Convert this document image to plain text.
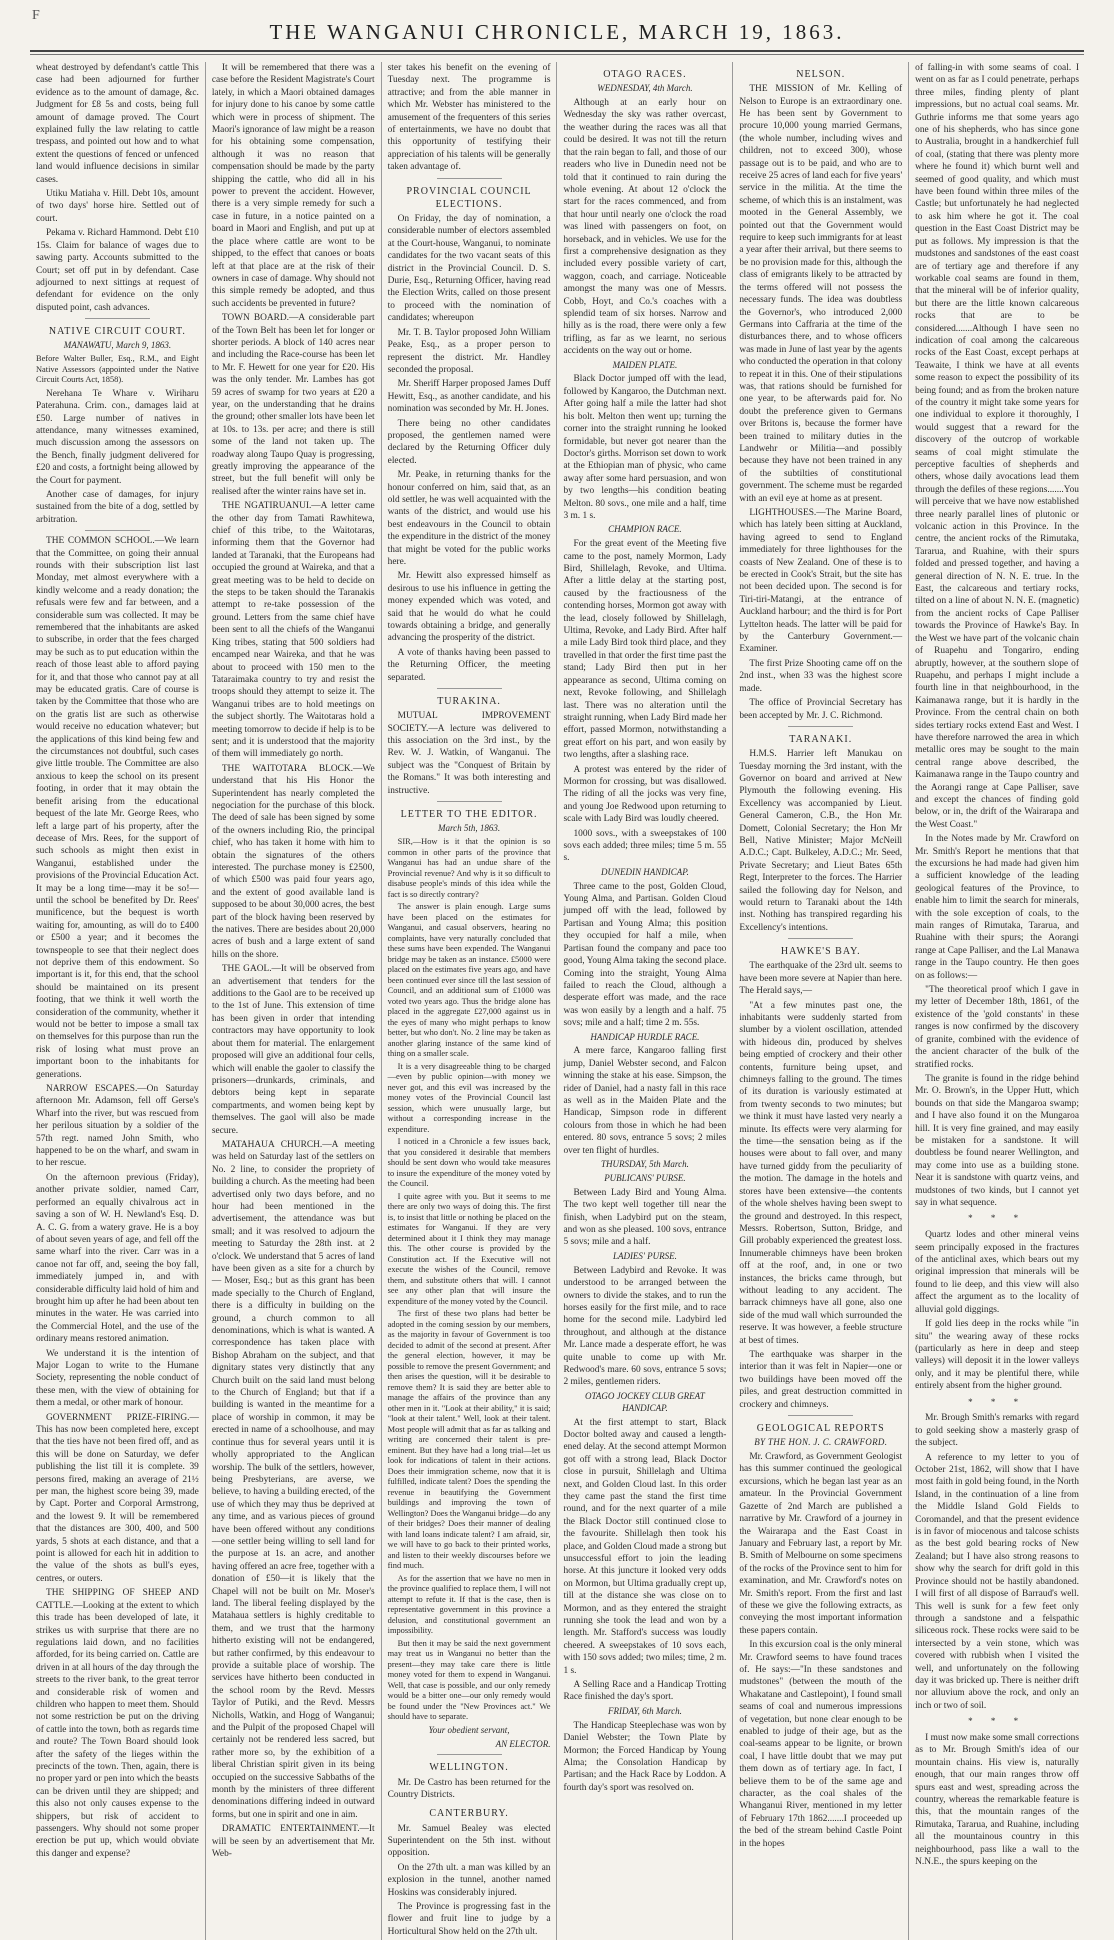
F
THE WANGANUI CHRONICLE, MARCH 19, 1863.

wheat destroyed by defendant's cattle This case had been adjourned for further evidence as to the amount of damage, &c. Judgment for £8 5s and costs, being full amount of damage proved. The Court explained fully the law relating to cattle trespass, and pointed out how and to what extent the questions of fenced or unfenced land would influence decisions in similar cases.

Utiku Matiaha v. Hill. Debt 10s, amount of two days' horse hire. Settled out of court.

Pekama v. Richard Hammond. Debt £10 15s. Claim for balance of wages due to sawing party. Accounts submitted to the Court; set off put in by defendant. Case adjourned to next sittings at request of defendant for evidence on the only disputed point, cash advances.

NATIVE CIRCUIT COURT.
MANAWATU, March 9, 1863.

Before Walter Buller, Esq., R.M., and Eight Native Assessors (appointed under the Native Circuit Courts Act, 1858).

Nerehana Te Whare v. Wiriharu Paterahuna. Crim. con., damages laid at £50. Large number of natives in attendance, many witnesses examined, much discussion among the assessors on the Bench, finally judgment delivered for £20 and costs, a fortnight being allowed by the Court for payment.

Another case of damages, for injury sustained from the bite of a dog, settled by arbitration.

THE COMMON SCHOOL.—We learn that the Committee, on going their annual rounds with their subscription list last Monday, met almost everywhere with a kindly welcome and a ready donation; the refusals were few and far between, and a considerable sum was collected. It may be remembered that the inhabitants are asked to subscribe, in order that the fees charged may be such as to put education within the reach of those least able to afford paying for it, and that those who cannot pay at all may be educated gratis. Care of course is taken by the Committee that those who are on the gratis list are such as otherwise would receive no education whatever; but the applications of this kind being few and the circumstances not doubtful, such cases give little trouble. The Committee are also anxious to keep the school on its present footing, in order that it may obtain the benefit arising from the educational bequest of the late Mr. George Rees, who left a large part of his property, after the decease of Mrs. Rees, for the support of such schools as might then exist in Wanganui, established under the provisions of the Provincial Education Act. It may be a long time—may it be so!—until the school be benefited by Dr. Rees' munificence, but the bequest is worth waiting for, amounting, as will do to £400 or £500 a year; and it becomes the townspeople to see that their neglect does not deprive them of this endowment. So important is it, for this end, that the school should be maintained on its present footing, that we think it well worth the consideration of the community, whether it would not be better to impose a small tax on themselves for this purpose than run the risk of losing what must prove an important boon to the inhabitants for generations.

NARROW ESCAPES.—On Saturday afternoon Mr. Adamson, fell off Gerse's Wharf into the river, but was rescued from her perilous situation by a soldier of the 57th regt. named John Smith, who happened to be on the wharf, and swam in to her rescue.

On the afternoon previous (Friday), another private soldier, named Carr, performed an equally chivalrous act in saving a son of W. H. Newland's Esq. D. A. C. G. from a watery grave. He is a boy of about seven years of age, and fell off the same wharf into the river. Carr was in a canoe not far off, and, seeing the boy fall, immediately jumped in, and with considerable difficulty laid hold of him and brought him up after he had been about ten minutes in the water. He was carried into the Commercial Hotel, and the use of the ordinary means restored animation.

We understand it is the intention of Major Logan to write to the Humane Society, representing the noble conduct of these men, with the view of obtaining for them a medal, or other mark of honour.

GOVERNMENT PRIZE-FIRING.—This has now been completed here, except that the ties have not been fired off, and as this will be done on Saturday, we defer publishing the list till it is complete. 39 persons fired, making an average of 21½ per man, the highest score being 39, made by Capt. Porter and Corporal Armstrong, and the lowest 9. It will be remembered that the distances are 300, 400, and 500 yards, 5 shots at each distance, and that a point is allowed for each hit in addition to the value of the shots as bull's eyes, centres, or outers.

THE SHIPPING OF SHEEP AND CATTLE.—Looking at the extent to which this trade has been developed of late, it strikes us with surprise that there are no regulations laid down, and no facilities afforded, for its being carried on. Cattle are driven in at all hours of the day through the streets to the river bank, to the great terror and considerable risk of women and children who happen to meet them. Should not some restriction be put on the driving of cattle into the town, both as regards time and route? The Town Board should look after the safety of the lieges within the precincts of the town. Then, again, there is no proper yard or pen into which the beasts can be driven until they are shipped; and this also not only causes expense to the shippers, but risk of accident to passengers. Why should not some proper erection be put up, which would obviate this danger and expense?

It will be remembered that there was a case before the Resident Magistrate's Court lately, in which a Maori obtained damages for injury done to his canoe by some cattle which were in process of shipment. The Maori's ignorance of law might be a reason for his obtaining some compensation, although it was no reason that compensation should be made by the party shipping the cattle, who did all in his power to prevent the accident. However, there is a very simple remedy for such a case in future, in a notice painted on a board in Maori and English, and put up at the place where cattle are wont to be shipped, to the effect that canoes or boats left at that place are at the risk of their owners in case of damage. Why should not this simple remedy be adopted, and thus such accidents be prevented in future?

TOWN BOARD.—A considerable part of the Town Belt has been let for longer or shorter periods. A block of 140 acres near and including the Race-course has been let to Mr. F. Hewett for one year for £20. His was the only tender. Mr. Lambes has got 59 acres of swamp for two years at £20 a year, on the understanding that he drains the ground; other smaller lots have been let at 10s. to 13s. per acre; and there is still some of the land not taken up. The roadway along Taupo Quay is progressing, greatly improving the appearance of the street, but the full benefit will only be realised after the winter rains have set in.

THE NGATIRUANUI.—A letter came the other day from Tamati Rawhitewa, chief of this tribe, to the Waitotaras, informing them that the Governor had landed at Taranaki, that the Europeans had occupied the ground at Waireka, and that a great meeting was to be held to decide on the steps to be taken should the Taranakis attempt to re-take possession of the ground. Letters from the same chief have been sent to all the chiefs of the Wanganui King tribes, stating that 500 soldiers had encamped near Waireka, and that he was about to proceed with 150 men to the Tataraimaka country to try and resist the troops should they attempt to seize it. The Wanganui tribes are to hold meetings on the subject shortly. The Waitotaras hold a meeting tomorrow to decide if help is to be sent; and it is understood that the majority of them will immediately go north.

THE WAITOTARA BLOCK.—We understand that his His Honor the Superintendent has nearly completed the negociation for the purchase of this block. The deed of sale has been signed by some of the owners including Rio, the principal chief, who has taken it home with him to obtain the signatures of the others interested. The purchase money is £2500, of which £500 was paid four years ago, and the extent of good available land is supposed to be about 30,000 acres, the best part of the block having been reserved by the natives. There are besides about 20,000 acres of bush and a large extent of sand hills on the shore.

THE GAOL.—It will be observed from an advertisement that tenders for the additions to the Gaol are to be received up to the 1st of June. This extension of time has been given in order that intending contractors may have opportunity to look about them for material. The enlargement proposed will give an additional four cells, which will enable the gaoler to classify the prisoners—drunkards, criminals, and debtors being kept in separate compartments, and women being kept by themselves. The gaol will also be made secure.

MATAHAUA CHURCH.—A meeting was held on Saturday last of the settlers on No. 2 line, to consider the propriety of building a church. As the meeting had been advertised only two days before, and no hour had been mentioned in the advertisement, the attendance was but small; and it was resolved to adjourn the meeting to Saturday the 28th inst. at 2 o'clock. We understand that 5 acres of land have been given as a site for a church by — Moser, Esq.; but as this grant has been made specially to the Church of England, there is a difficulty in building on the ground, a church common to all denominations, which is what is wanted. A correspondence has taken place with Bishop Abraham on the subject, and that dignitary states very distinctly that any Church built on the said land must belong to the Church of England; but that if a building is wanted in the meantime for a place of worship in common, it may be erected in name of a schoolhouse, and may continue thus for several years until it is wholly appropriated to the Anglican worship. The bulk of the settlers, however, being Presbyterians, are averse, we believe, to having a building erected, of the use of which they may thus be deprived at any time, and as various pieces of ground have been offered without any conditions—one settler being willing to sell land for the purpose at 1s. an acre, and another having offered an acre free, together with a donation of £50—it is likely that the Chapel will not be built on Mr. Moser's land. The liberal feeling displayed by the Matahaua settlers is highly creditable to them, and we trust that the harmony hitherto existing will not be endangered, but rather confirmed, by this endeavour to provide a suitable place of worship. The services have hitherto been conducted in the school room by the Revd. Messrs Taylor of Putiki, and the Revd. Messrs Nicholls, Watkin, and Hogg of Wanganui; and the Pulpit of the proposed Chapel will certainly not be rendered less sacred, but rather more so, by the exhibition of a liberal Christian spirit given in its being occupied on the successive Sabbaths of the month by the ministers of three different denominations differing indeed in outward forms, but one in spirit and one in aim.

DRAMATIC ENTERTAINMENT.—It will be seen by an advertisement that Mr. Web-

ster takes his benefit on the evening of Tuesday next. The programme is attractive; and from the able manner in which Mr. Webster has ministered to the amusement of the frequenters of this series of entertainments, we have no doubt that this opportunity of testifying their appreciation of his talents will be generally taken advantage of.

PROVINCIAL COUNCIL ELECTIONS.

On Friday, the day of nomination, a considerable number of electors assembled at the Court-house, Wanganui, to nominate candidates for the two vacant seats of this district in the Provincial Council. D. S. Durie, Esq., Returning Officer, having read the Election Writs, called on those present to proceed with the nomination of candidates; whereupon

Mr. T. B. Taylor proposed John William Peake, Esq., as a proper person to represent the district. Mr. Handley seconded the proposal.

Mr. Sheriff Harper proposed James Duff Hewitt, Esq., as another candidate, and his nomination was seconded by Mr. H. Jones.

There being no other candidates proposed, the gentlemen named were declared by the Returning Officer duly elected.

Mr. Peake, in returning thanks for the honour conferred on him, said that, as an old settler, he was well acquainted with the wants of the district, and would use his best endeavours in the Council to obtain the expenditure in the district of the money that might be voted for the public works here.

Mr. Hewitt also expressed himself as desirous to use his influence in getting the money expended which was voted, and said that he would do what he could towards obtaining a bridge, and generally advancing the prosperity of the district.

A vote of thanks having been passed to the Returning Officer, the meeting separated.

TURAKINA.

MUTUAL IMPROVEMENT SOCIETY.—A lecture was delivered to this association on the 3rd inst., by the Rev. W. J. Watkin, of Wanganui. The subject was the "Conquest of Britain by the Romans." It was both interesting and instructive.

LETTER TO THE EDITOR.
March 5th, 1863.

SIR,—How is it that the opinion is so common in other parts of the province that Wanganui has had an undue share of the Provincial revenue? And why is it so difficult to disabuse people's minds of this idea while the fact is so directly contrary?

The answer is plain enough. Large sums have been placed on the estimates for Wanganui, and casual observers, hearing no complaints, have very naturally concluded that these sums have been expended. The Wanganui bridge may be taken as an instance. £5000 were placed on the estimates five years ago, and have been continued ever since till the last session of Council, and an additional sum of £1000 was voted two years ago. Thus the bridge alone has placed in the aggregate £27,000 against us in the eyes of many who might perhaps to know better, but who don't. No. 2 line may be taken as another glaring instance of the same kind of thing on a smaller scale.

It is a very disagreeable thing to be charged—even by public opinion—with money we never got, and this evil was increased by the money votes of the Provincial Council last session, which were unusually large, but without a corresponding increase in the expenditure.

I noticed in a Chronicle a few issues back, that you considered it desirable that members should be sent down who would take measures to insure the expenditure of the money voted by the Council.

I quite agree with you. But it seems to me there are only two ways of doing this. The first is, to insist that little or nothing be placed on the estimates for Wanganui. If they are very determined about it I think they may manage this. The other course is provided by the Constitution act. If the Executive will not execute the wishes of the Council, remove them, and substitute others that will. I cannot see any other plan that will insure the expenditure of the money voted by the Council.

The first of these two plans had better be adopted in the coming session by our members, as the majority in favour of Government is too decided to admit of the second at present. After the general election, however, it may be possible to remove the present Government; and then arises the question, will it be desirable to remove them? It is said they are better able to manage the affairs of the province than any other men in it. "Look at their ability," it is said; "look at their talent." Well, look at their talent. Most people will admit that as far as talking and writing are concerned their talent is pre-eminent. But they have had a long trial—let us look for indications of talent in their actions. Does their immigration scheme, now that it is fulfilled, indicate talent? Does the spending the revenue in beautifying the Government buildings and improving the town of Wellington? Does the Wanganui bridge—do any of their bridges? Does their manner of dealing with land loans indicate talent? I am afraid, sir, we will have to go back to their printed works, and listen to their weekly discourses before we find much.

As for the assertion that we have no men in the province qualified to replace them, I will not attempt to refute it. If that is the case, then is representative government in this province a delusion, and constitutional government an impossibility.

But then it may be said the next government may treat us in Wanganui no better than the present—they may take care there is little money voted for them to expend in Wanganui. Well, that case is possible, and our only remedy would be a bitter one—our only remedy would be found under the "New Provinces act." We should have to separate.

Your obedient servant,
AN ELECTOR.
WELLINGTON.

Mr. De Castro has been returned for the Country Districts.

CANTERBURY.

Mr. Samuel Bealey was elected Superintendent on the 5th inst. without opposition.

On the 27th ult. a man was killed by an explosion in the tunnel, another named Hoskins was considerably injured.

The Province is progressing fast in the flower and fruit line to judge by a Horticultural Show held on the 27th ult.

OTAGO RACES.
WEDNESDAY, 4th March.

Although at an early hour on Wednesday the sky was rather overcast, the weather during the races was all that could be desired. It was not till the return that the rain began to fall, and those of our readers who live in Dunedin need not be told that it continued to rain during the whole evening. At about 12 o'clock the start for the races commenced, and from that hour until nearly one o'clock the road was lined with passengers on foot, on horseback, and in vehicles. We use for the first a comprehensive designation as they included every possible variety of cart, waggon, coach, and carriage. Noticeable amongst the many was one of Messrs. Cobb, Hoyt, and Co.'s coaches with a splendid team of six horses. Narrow and hilly as is the road, there were only a few trifling, as far as we learnt, no serious accidents on the way out or home.

MAIDEN PLATE.

Black Doctor jumped off with the lead, followed by Kangaroo, the Dutchman next. After going half a mile the latter had shot his bolt. Melton then went up; turning the corner into the straight running he looked formidable, but never got nearer than the Doctor's girths. Morrison set down to work at the Ethiopian man of physic, who came away after some hard persuasion, and won by two lengths—his condition beating Melton. 80 sovs., one mile and a half, time 3 m. 1 s.

CHAMPION RACE.

For the great event of the Meeting five came to the post, namely Mormon, Lady Bird, Shillelagh, Revoke, and Ultima. After a little delay at the starting post, caused by the fractiousness of the contending horses, Mormon got away with the lead, closely followed by Shillelagh, Ultima, Revoke, and Lady Bird. After half a mile Lady Bird took third place, and they travelled in that order the first time past the stand; Lady Bird then put in her appearance as second, Ultima coming on next, Revoke following, and Shillelagh last. There was no alteration until the straight running, when Lady Bird made her effort, passed Mormon, notwithstanding a great effort on his part, and won easily by two lengths, after a slashing race.

A protest was entered by the rider of Mormon for crossing, but was disallowed. The riding of all the jocks was very fine, and young Joe Redwood upon returning to scale with Lady Bird was loudly cheered.

1000 sovs., with a sweepstakes of 100 sovs each added; three miles; time 5 m. 55 s.

DUNEDIN HANDICAP.

Three came to the post, Golden Cloud, Young Alma, and Partisan. Golden Cloud jumped off with the lead, followed by Partisan and Young Alma; this position they occupied for half a mile, when Partisan found the company and pace too good, Young Alma taking the second place. Coming into the straight, Young Alma failed to reach the Cloud, although a desperate effort was made, and the race was won easily by a length and a half. 75 sovs; mile and a half; time 2 m. 55s.

HANDICAP HURDLE RACE.

A mere farce, Kangaroo falling first jump, Daniel Webster second, and Falcon winning the stake at his ease. Simpson, the rider of Daniel, had a nasty fall in this race as well as in the Maiden Plate and the Handicap, Simpson rode in different colours from those in which he had been entered. 80 sovs, entrance 5 sovs; 2 miles over ten flight of hurdles.

THURSDAY, 5th March.
PUBLICANS' PURSE.

Between Lady Bird and Young Alma. The two kept well together till near the finish, when Ladybird put on the steam, and won as she pleased. 100 sovs, entrance 5 sovs; mile and a half.

LADIES' PURSE.

Between Ladybird and Revoke. It was understood to be arranged between the owners to divide the stakes, and to run the horses easily for the first mile, and to race home for the second mile. Ladybird led throughout, and although at the distance Mr. Lance made a desperate effort, he was quite unable to come up with Mr. Redwood's mare. 60 sovs, entrance 5 sovs; 2 miles, gentlemen riders.

OTAGO JOCKEY CLUB GREAT HANDICAP.

At the first attempt to start, Black Doctor bolted away and caused a length- ened delay. At the second attempt Mormon got off with a strong lead, Black Doctor close in pursuit, Shillelagh and Ultima next, and Golden Cloud last. In this order they came past the stand the first time round, and for the next quarter of a mile the Black Doctor still continued close to the favourite. Shillelagh then took his place, and Golden Cloud made a strong but unsuccessful effort to join the leading horse. At this juncture it looked very odds on Mormon, but Ultima gradually crept up, till at the distance she was close on to Mormon, and as they entered the straight running she took the lead and won by a length. Mr. Stafford's success was loudly cheered. A sweepstakes of 10 sovs each, with 150 sovs added; two miles; time, 2 m. 1 s.

A Selling Race and a Handicap Trotting Race finished the day's sport.

FRIDAY, 6th March.

The Handicap Steeplechase was won by Daniel Webster; the Town Plate by Mormon; the Forced Handicap by Young Alma; the Consolation Handicap by Partisan; and the Hack Race by Loddon. A fourth day's sport was resolved on.

NELSON.

THE MISSION of Mr. Kelling of Nelson to Europe is an extraordinary one. He has been sent by Government to procure 10,000 young married Germans, (the whole number, including wives and children, not to exceed 300), whose passage out is to be paid, and who are to receive 25 acres of land each for five years' service in the militia. At the time the scheme, of which this is an instalment, was mooted in the General Assembly, we pointed out that the Government would require to keep such immigrants for at least a year after their arrival, but there seems to be no provision made for this, although the class of emigrants likely to be attracted by the terms offered will not possess the necessary funds. The idea was doubtless the Governor's, who introduced 2,000 Germans into Caffraria at the time of the disturbances there, and to whose officers was made in June of last year by the agents who conducted the operation in that colony to repeat it in this. One of their stipulations was, that rations should be furnished for one year, to be afterwards paid for. No doubt the preference given to Germans over Britons is, because the former have been trained to military duties in the Landwehr or Militia—and possibly because they have not been trained in any of the subtilties of constitutional government. The scheme must be regarded with an evil eye at home as at present.

LIGHTHOUSES.—The Marine Board, which has lately been sitting at Auckland, having agreed to send to England immediately for three lighthouses for the coasts of New Zealand. One of these is to be erected in Cook's Strait, but the site has not been decided upon. The second is for Tiri-tiri-Matangi, at the entrance of Auckland harbour; and the third is for Port Lyttelton heads. The latter will be paid for by the Canterbury Government.—Examiner.

The first Prize Shooting came off on the 2nd inst., when 33 was the highest score made.

The office of Provincial Secretary has been accepted by Mr. J. C. Richmond.

TARANAKI.

H.M.S. Harrier left Manukau on Tuesday morning the 3rd instant, with the Governor on board and arrived at New Plymouth the following evening. His Excellency was accompanied by Lieut. General Cameron, C.B., the Hon Mr. Domett, Colonial Secretary; the Hon Mr Bell, Native Minister; Major McNeill A.D.C.; Capt. Bulkeley, A.D.C.; Mr. Seed, Private Secretary; and Lieut Bates 65th Regt, Interpreter to the forces. The Harrier sailed the following day for Nelson, and would return to Taranaki about the 14th inst. Nothing has transpired regarding his Excellency's intentions.

HAWKE'S BAY.

The earthquake of the 23rd ult. seems to have been more severe at Napier than here. The Herald says,—

"At a few minutes past one, the inhabitants were suddenly started from slumber by a violent oscillation, attended with hideous din, produced by shelves being emptied of crockery and their other contents, furniture being upset, and chimneys falling to the ground. The times of its duration is variously estimated at from twenty seconds to two minutes; but we think it must have lasted very nearly a minute. Its effects were very alarming for the time—the sensation being as if the houses were about to fall over, and many have turned giddy from the peculiarity of the motion. The damage in the hotels and stores have been extensive—the contents of the whole shelves having been swept to the ground and destroyed. In this respect, Messrs. Robertson, Sutton, Bridge, and Gill probably experienced the greatest loss. Innumerable chimneys have been broken off at the roof, and, in one or two instances, the bricks came through, but without leading to any accident. The barrack chimneys have all gone, also one side of the mud wall which surrounded the reserve. It was however, a feeble structure at best of times.

The earthquake was sharper in the interior than it was felt in Napier—one or two buildings have been moved off the piles, and great destruction committed in crockery and chimneys.

GEOLOGICAL REPORTS
BY THE HON. J. C. CRAWFORD.

Mr. Crawford, as Government Geologist has this summer continued the geological excursions, which he began last year as an amateur. In the Provincial Government Gazette of 2nd March are published a narrative by Mr. Crawford of a journey in the Wairarapa and the East Coast in January and February last, a report by Mr. B. Smith of Melbourne on some specimens of the rocks of the Province sent to him for examination, and Mr. Crawford's notes on Mr. Smith's report. From the first and last of these we give the following extracts, as conveying the most important information these papers contain.

In this excursion coal is the only mineral Mr. Crawford seems to have found traces of. He says:—"In these sandstones and mudstones" (between the mouth of the Whakatane and Castlepoint), I found small seams of coal and numerous impressions of vegetation, but none clear enough to be enabled to judge of their age, but as the coal-seams appear to be lignite, or brown coal, I have little doubt that we may put them down as of tertiary age. In fact, I believe them to be of the same age and character, as the coal shales of the Whanganui River, mentioned in my letter of February 17th 1862.......I proceeded up the bed of the stream behind Castle Point in the hopes

of falling-in with some seams of coal. I went on as far as I could penetrate, perhaps three miles, finding plenty of plant impressions, but no actual coal seams. Mr. Guthrie informs me that some years ago one of his shepherds, who has since gone to Australia, brought in a handkerchief full of coal, (stating that there was plenty more where he found it) which burnt well and seemed of good quality, and which must have been found within three miles of the Castle; but unfortunately he had neglected to ask him where he got it. The coal question in the East Coast District may be put as follows. My impression is that the mudstones and sandstones of the east coast are of tertiary age and therefore if any workable coal seams are found in them, that the mineral will be of inferior quality, but there are the little known calcareous rocks that are to be considered.......Although I have seen no indication of coal among the calcareous rocks of the East Coast, except perhaps at Teawaite, I think we have at all events some reason to expect the possibility of its being found; and as from the broken nature of the country it might take some years for one individual to explore it thoroughly, I would suggest that a reward for the discovery of the outcrop of workable seams of coal might stimulate the perceptive faculties of shepherds and others, whose daily avocations lead them through the defiles of these regions.......You will perceive that we have now established three nearly parallel lines of plutonic or volcanic action in this Province. In the centre, the ancient rocks of the Rimutaka, Tararua, and Ruahine, with their spurs folded and pressed together, and having a general direction of N. N. E. true. In the East, the calcareous and tertiary rocks, tilted on a line of about N. N. E. (magnetic) from the ancient rocks of Cape Palliser towards the Province of Hawke's Bay. In the West we have part of the volcanic chain of Ruapehu and Tongariro, ending abruptly, however, at the southern slope of Ruapehu, and perhaps I might include a fourth line in that neighbourhood, in the Kaimanawa range, but it is hardly in the Province. From the central chain on both sides tertiary rocks extend East and West. I have therefore narrowed the area in which metallic ores may be sought to the main central range above described, the Kaimanawa range in the Taupo country and the Aorangi range at Cape Palliser, save and except the chances of finding gold below, or in, the drift of the Wairarapa and the West Coast."

In the Notes made by Mr. Crawford on Mr. Smith's Report he mentions that that the excursions he had made had given him a sufficient knowledge of the leading geological features of the Province, to enable him to limit the search for minerals, with the sole exception of coals, to the main ranges of Rimutaka, Tararua, and Ruahine with their spurs; the Aorangi range at Cape Palliser, and the Lal Manawa range in the Taupo country. He then goes on as follows:—

"The theoretical proof which I gave in my letter of December 18th, 1861, of the existence of the 'gold constants' in these ranges is now confirmed by the discovery of granite, combined with the evidence of the ancient character of the bulk of the stratified rocks.

The granite is found in the ridge behind Mr. O. Brown's, in the Upper Hutt, which bounds on that side the Mangaroa swamp; and I have also found it on the Mungaroa hill. It is very fine grained, and may easily be mistaken for a sandstone. It will doubtless be found nearer Wellington, and may come into use as a building stone. Near it is sandstone with quartz veins, and mudstones of two kinds, but I cannot yet say in what sequence.

* * *

Quartz lodes and other mineral veins seem principally exposed in the fractures of the anticlinal axes, which bears out my original impression that minerals will be found to lie deep, and this view will also affect the argument as to the locality of alluvial gold diggings.

If gold lies deep in the rocks while "in situ" the wearing away of these rocks (particularly as here in deep and steep valleys) will deposit it in the lower valleys only, and it may be plentiful there, while entirely absent from the higher ground.

* * *

Mr. Brough Smith's remarks with regard to gold seeking show a masterly grasp of the subject.

A reference to my letter to you of October 21st, 1862, will show that I have most faith in gold being found, in the North Island, in the continuation of a line from the Middle Island Gold Fields to Coromandel, and that the present evidence is in favor of miocenous and talcose schists as the best gold bearing rocks of New Zealand; but I have also strong reasons to show why the search for drift gold in this Province should not be hastily abandoned. I will first of all dispose of Barraud's well. This well is sunk for a few feet only through a sandstone and a felspathic siliceous rock. These rocks were said to be intersected by a vein stone, which was covered with rubbish when I visited the well, and unfortunately on the following day it was bricked up. There is neither drift nor alluvium above the rock, and only an inch or two of soil.

* * *

I must now make some small corrections as to Mr. Brough Smith's idea of our mountain chains. His view is, naturally enough, that our main ranges throw off spurs east and west, spreading across the country, whereas the remarkable feature is this, that the mountain ranges of the Rimutaka, Tararua, and Ruahine, including all the mountainous country in this neighbourhood, pass like a wall to the N.N.E., the spurs keeping on the
